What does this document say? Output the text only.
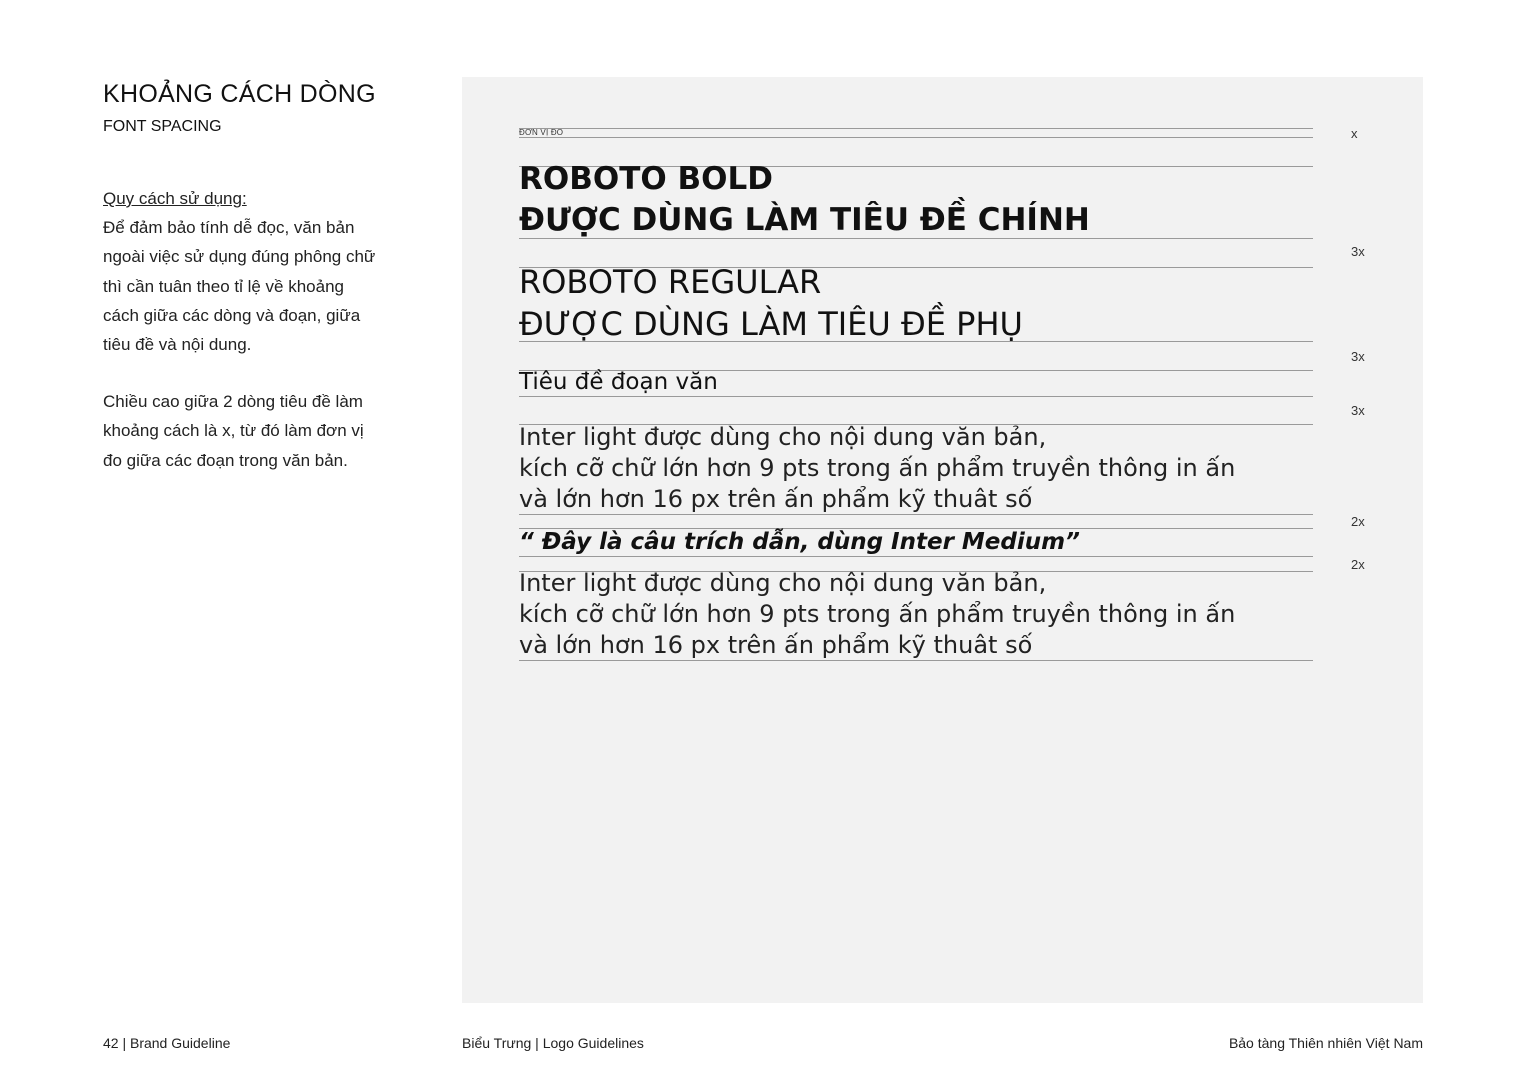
KHOẢNG CÁCH DÒNG
FONT SPACING

Quy cách sử dụng:

Để đảm bảo tính dễ đọc, văn bản

ngoài việc sử dụng đúng phông chữ

thì cần tuân theo tỉ lệ về khoảng

cách giữa các dòng và đoạn, giữa

tiêu đề và nội dung.

Chiều cao giữa 2 dòng tiêu đề làm

khoảng cách là x, từ đó làm đơn vị

đo giữa các đoạn trong văn bản.

ĐƠN VỊ ĐO
ROBOTO BOLD
ĐƯỢC DÙNG LÀM TIÊU ĐỀ CHÍNH
ROBOTO REGULAR
ĐƯỢC DÙNG LÀM TIÊU ĐỀ PHỤ
Tiêu đề đoạn văn
Inter light được dùng cho nội dung văn bản,
kích cỡ chữ lớn hơn 9 pts trong ấn phẩm truyền thông in ấn
và lớn hơn 16 px trên ấn phẩm kỹ thuât số
“ Đây là câu trích dẫn, dùng Inter Medium”
Inter light được dùng cho nội dung văn bản,
kích cỡ chữ lớn hơn 9 pts trong ấn phẩm truyền thông in ấn
và lớn hơn 16 px trên ấn phẩm kỹ thuât số
x
3x
3x
3x
2x
2x
42 | Brand Guideline	Biểu Trưng | Logo Guidelines	Bảo tàng Thiên nhiên Việt Nam
